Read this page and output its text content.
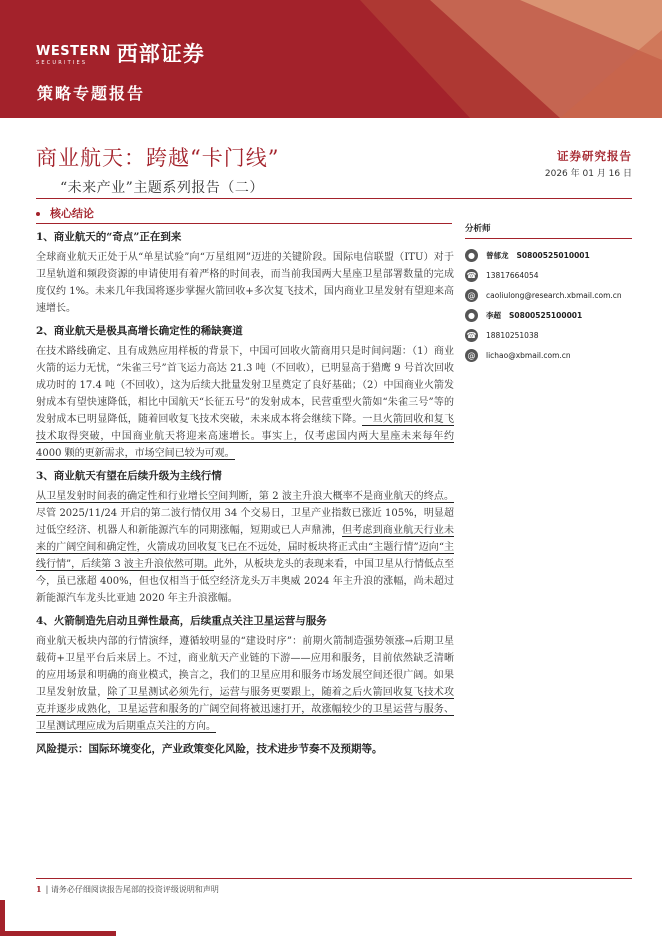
WESTERN
SECURITIES	西部证券
策略专题报告
商业航天：跨越“卡门线”
“未来产业”主题系列报告（二）
证券研究报告
2026 年 01 月 16 日
核心结论
1、商业航天的“奇点”正在到来

全球商业航天正处于从“单星试验”向“万星组网”迈进的关键阶段。国际电信联盟（ITU）对于卫星轨道和频段资源的申请使用有着严格的时间表，而当前我国两大星座卫星部署数量的完成度仅约 1%。未来几年我国将逐步掌握火箭回收+多次复飞技术，国内商业卫星发射有望迎来高速增长。

2、商业航天是极具高增长确定性的稀缺赛道

在技术路线确定、且有成熟应用样板的背景下，中国可回收火箭商用只是时间问题：（1）商业火箭的运力无忧，“朱雀三号”首飞运力高达 21.3 吨（不回收），已明显高于猎鹰 9 号首次回收成功时的 17.4 吨（不回收），这为后续大批量发射卫星奠定了良好基础；（2）中国商业火箭发射成本有望快速降低，相比中国航天“长征五号”的发射成本，民营重型火箭如“朱雀三号”等的发射成本已明显降低，随着回收复飞技术突破，未来成本将会继续下降。一旦火箭回收和复飞技术取得突破，中国商业航天将迎来高速增长。事实上，仅考虑国内两大星座未来每年约 4000 颗的更新需求，市场空间已较为可观。

3、商业航天有望在后续升级为主线行情

从卫星发射时间表的确定性和行业增长空间判断，第 2 波主升浪大概率不是商业航天的终点。尽管 2025/11/24 开启的第二波行情仅用 34 个交易日，卫星产业指数已涨近 105%，明显超过低空经济、机器人和新能源汽车的同期涨幅，短期或已人声鼎沸，但考虑到商业航天行业未来的广阔空间和确定性，火箭成功回收复飞已在不远处，届时板块将正式由“主题行情”迈向“主线行情”，后续第 3 波主升浪依然可期。此外，从板块龙头的表现来看，中国卫星从行情低点至今，虽已涨超 400%，但也仅相当于低空经济龙头万丰奥威 2024 年主升浪的涨幅，尚未超过新能源汽车龙头比亚迪 2020 年主升浪涨幅。

4、火箭制造先启动且弹性最高，后续重点关注卫星运营与服务

商业航天板块内部的行情演绎，遵循较明显的“建设时序”：前期火箭制造强势领涨→后期卫星载荷+卫星平台后来居上。不过，商业航天产业链的下游——应用和服务，目前依然缺乏清晰的应用场景和明确的商业模式，换言之，我们的卫星应用和服务市场发展空间还很广阔。如果卫星发射放量，除了卫星测试必须先行，运营与服务更要跟上，随着之后火箭回收复飞技术攻克并逐步成熟化，卫星运营和服务的广阔空间将被迅速打开，故涨幅较少的卫星运营与服务、卫星测试理应成为后期重点关注的方向。

风险提示：国际环境变化，产业政策变化风险，技术进步节奏不及预期等。
分析师
●	曾郁龙 S0800525010001
☎ 13817664054
@	caoliulong@research.xbmail.com.cn
●	李超 S0800525100001
☎ 18810251038
@	lichao@xbmail.com.cn
1 | 请务必仔细阅读报告尾部的投资评级说明和声明
